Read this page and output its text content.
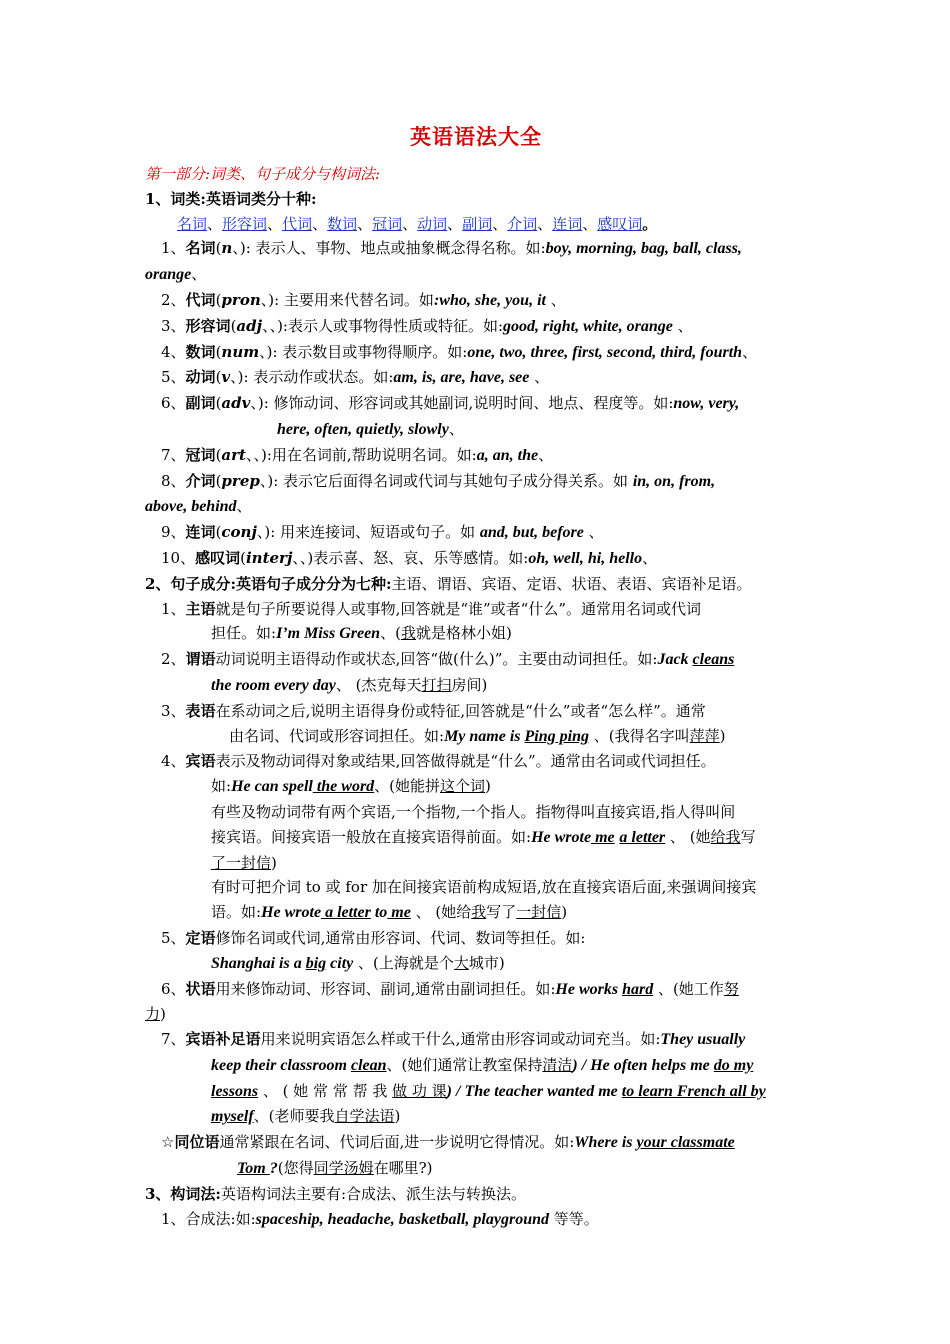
英语语法大全
第一部分:词类、句子成分与构词法:
1、词类:英语词类分十种:
名词、形容词、代词、数词、冠词、动词、副词、介词、连词、感叹词。
1、名词(n、): 表示人、事物、地点或抽象概念得名称。如:boy, morning, bag, ball, class,
orange、
2、代词(pron、): 主要用来代替名词。如:who, she, you, it 、
3、形容词(adj、、):表示人或事物得性质或特征。如:good, right, white, orange 、
4、数词(num、): 表示数目或事物得顺序。如:one, two, three, first, second, third, fourth、
5、动词(v、): 表示动作或状态。如:am, is, are, have, see 、
6、副词(adv、): 修饰动词、形容词或其她副词,说明时间、地点、程度等。如:now, very,
here, often, quietly, slowly、
7、冠词(art、、):用在名词前,帮助说明名词。如:a, an, the、
8、介词(prep、): 表示它后面得名词或代词与其她句子成分得关系。如 in, on, from,
above, behind、
9、连词(conj、): 用来连接词、短语或句子。如 and, but, before 、
10、感叹词(interj、、)表示喜、怒、哀、乐等感情。如:oh, well, hi, hello、
2、句子成分:英语句子成分分为七种:主语、谓语、宾语、定语、状语、表语、宾语补足语。
1、主语就是句子所要说得人或事物,回答就是“谁”或者“什么”。通常用名词或代词
担任。如:I’m Miss Green、(我就是格林小姐)
2、谓语动词说明主语得动作或状态,回答“做(什么)”。主要由动词担任。如:Jack cleans
the room every day、 (杰克每天打扫房间)
3、表语在系动词之后,说明主语得身份或特征,回答就是“什么”或者“怎么样”。通常
由名词、代词或形容词担任。如:My name is Ping ping 、(我得名字叫萍萍)
4、宾语表示及物动词得对象或结果,回答做得就是“什么”。通常由名词或代词担任。
如:He can spell the word、(她能拼这个词)
有些及物动词带有两个宾语,一个指物,一个指人。指物得叫直接宾语,指人得叫间
接宾语。间接宾语一般放在直接宾语得前面。如:He wrote me a letter 、 (她给我写
了一封信)
有时可把介词 to 或 for 加在间接宾语前构成短语,放在直接宾语后面,来强调间接宾
语。如:He wrote a letter to me 、 (她给我写了一封信)
5、定语修饰名词或代词,通常由形容词、代词、数词等担任。如:
Shanghai is a big city 、(上海就是个大城市)
6、状语用来修饰动词、形容词、副词,通常由副词担任。如:He works hard 、(她工作努
力)
7、宾语补足语用来说明宾语怎么样或干什么,通常由形容词或动词充当。如:They usually
keep their classroom clean、(她们通常让教室保持清洁) / He often helps me do my
lessons 、 ( 她 常 常 帮 我 做 功 课) / The teacher wanted me to learn French all by
myself、(老师要我自学法语)
☆同位语通常紧跟在名词、代词后面,进一步说明它得情况。如:Where is your classmate
Tom ?(您得同学汤姆在哪里?)
3、构词法:英语构词法主要有:合成法、派生法与转换法。
1、合成法:如:spaceship, headache, basketball, playground 等等。
